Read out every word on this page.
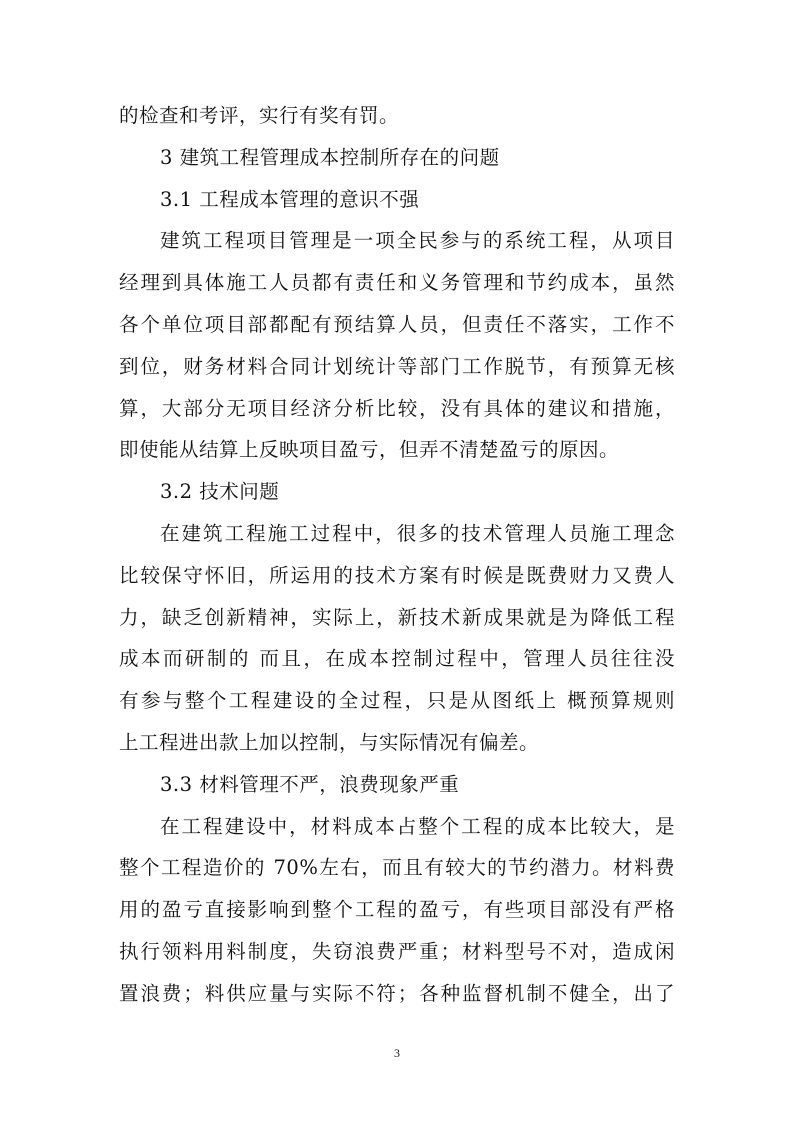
的检查和考评，实行有奖有罚。
3 建筑工程管理成本控制所存在的问题
3.1 工程成本管理的意识不强
建筑工程项目管理是一项全民参与的系统工程，从项目
经理到具体施工人员都有责任和义务管理和节约成本，虽然
各个单位项目部都配有预结算人员，但责任不落实，工作不
到位，财务材料合同计划统计等部门工作脱节，有预算无核
算，大部分无项目经济分析比较，没有具体的建议和措施，
即使能从结算上反映项目盈亏，但弄不清楚盈亏的原因。
3.2 技术问题
在建筑工程施工过程中，很多的技术管理人员施工理念
比较保守怀旧，所运用的技术方案有时候是既费财力又费人
力，缺乏创新精神，实际上，新技术新成果就是为降低工程
成本而研制的 而且，在成本控制过程中，管理人员往往没
有参与整个工程建设的全过程，只是从图纸上 概预算规则
上工程进出款上加以控制，与实际情况有偏差。
3.3 材料管理不严，浪费现象严重
在工程建设中，材料成本占整个工程的成本比较大，是
整个工程造价的 70%左右，而且有较大的节约潜力。材料费
用的盈亏直接影响到整个工程的盈亏，有些项目部没有严格
执行领料用料制度，失窃浪费严重；材料型号不对，造成闲
置浪费；料供应量与实际不符；各种监督机制不健全，出了
3
